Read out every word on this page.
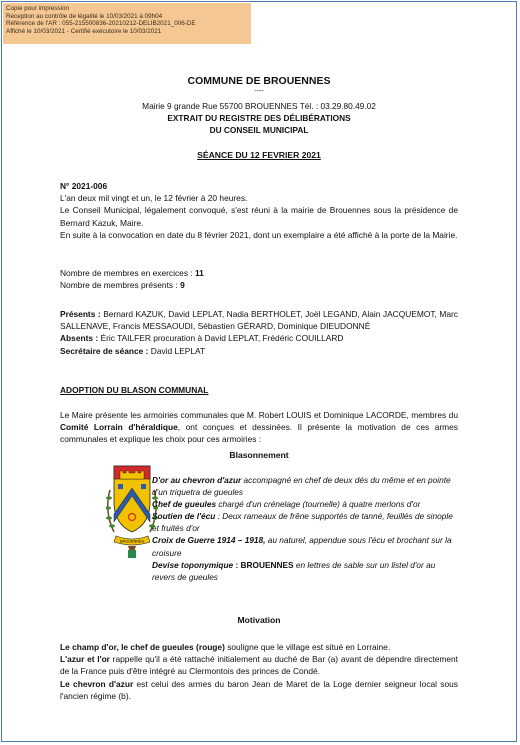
Copie pour impression
Réception au contrôle de légalité le 10/03/2021 à 09h04
Référence de l'AR : 055-215500836-20210212-DELIB2021_006-DE
Affiché le 10/03/2021 - Certifié exécutoire le 10/03/2021
COMMUNE DE BROUENNES
----
Mairie 9 grande Rue 55700 BROUENNES Tél. : 03.29.80.49.02
EXTRAIT DU REGISTRE DES DÉLIBÉRATIONS
DU CONSEIL MUNICIPAL
SÉANCE DU 12 FEVRIER 2021
N° 2021-006
L'an deux mil vingt et un, le 12 février à 20 heures.
Le Conseil Municipal, légalement convoqué, s'est réuni à la mairie de Brouennes sous la présidence de Bernard Kazuk, Maire.
En suite à la convocation en date du 8 février 2021, dont un exemplaire a été affiché à la porte de la Mairie.
Nombre de membres en exercices : 11
Nombre de membres présents : 9
Présents : Bernard KAZUK, David LEPLAT, Nadia BERTHOLET, Joël LEGAND, Alain JACQUEMOT, Marc SALLENAVE, Francis MESSAOUDI, Sébastien GÉRARD, Dominique DIEUDONNÉ
Absents : Éric TAILFER procuration à David LEPLAT, Frédéric COUILLARD
Secrétaire de séance : David LEPLAT
ADOPTION DU BLASON COMMUNAL
Le Maire présente les armoiries communales que M. Robert LOUIS et Dominique LACORDE, membres du Comité Lorrain d'héraldique, ont conçues et dessinées. Il présente la motivation de ces armes communales et explique les choix pour ces armoiries :
Blasonnement
BROUENNES
D'or au chevron d'azur accompagné en chef de deux dés du même et en pointe d'un triquetra de gueules
Chef de gueules chargé d'un crénelage (tournelle) à quatre merlons d'or
Soutien de l'écu : Deux rameaux de frêne supportés de tanné, feuillés de sinople et fruités d'or
Croix de Guerre 1914 – 1918, au naturel, appendue sous l'écu et brochant sur la croisure
Devise toponymique : BROUENNES en lettres de sable sur un listel d'or au revers de gueules
Motivation
Le champ d'or, le chef de gueules (rouge) souligne que le village est situé en Lorraine.
L'azur et l'or rappelle qu'il a été rattaché initialement au duché de Bar (a) avant de dépendre directement de la France puis d'être intégré au Clermontois des princes de Condé.
Le chevron d'azur est celui des armes du baron Jean de Maret de la Loge dernier seigneur local sous l'ancien régime (b).
